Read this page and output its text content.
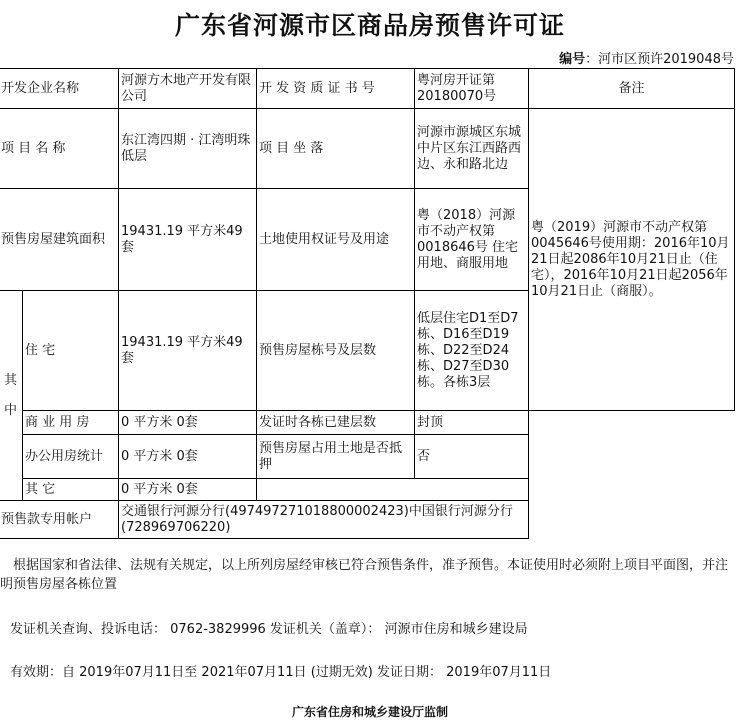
广东省河源市区商品房预售许可证
编号：河市区预许2019048号
开发企业名称		河源方木地产开发有限公司	开 发 资 质 证 书 号	粤河房开证第20180070号	备注
项 目 名 称		东江湾四期 · 江湾明珠低层	项 目 坐 落	河源市源城区东城中片区东江西路西边、永和路北边	粤（2019）河源市不动产权第0045646号使用期：2016年10月21日起2086年10月21日止（住宅），2016年10月21日起2056年10月21日止（商服）。
预售房屋建筑面积		19431.19 平方米49套	土地使用权证号及用途	粤（2018）河源市不动产权第0018646号 住宅用地、商服用地	

其
中	住 宅	19431.19 平方米49套	预售房屋栋号及层数	低层住宅D1至D7栋、D16至D19栋、D22至D24栋、D27至D30栋。各栋3层	
	商 业 用 房	0 平方米 0套	发证时各栋已建层数	封顶	
	办公用房统计	0 平方米 0套	预售房屋占用土地是否抵押	否	
	其 它	0 平方米 0套			
预售款专用帐户		交通银行河源分行(497497271018800002423)中国银行河源分行(728969706220)			
根据国家和省法律、法规有关规定，以上所列房屋经审核已符合预售条件，准予预售。本证使用时必须附上项目平面图，并注明预售房屋各栋位置
发证机关查询、投诉电话： 0762-3829996 发证机关（盖章）： 河源市住房和城乡建设局
有效期：自 2019年07月11日至 2021年07月11日 (过期无效) 发证日期： 2019年07月11日
广东省住房和城乡建设厅监制
